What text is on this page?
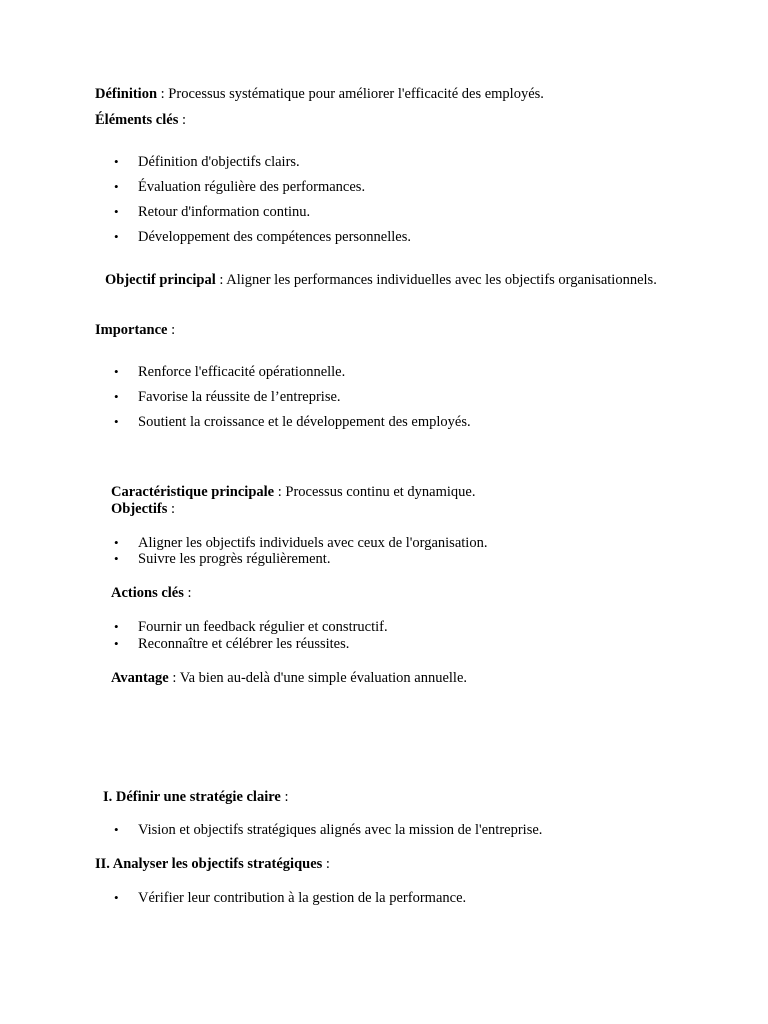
Définition : Processus systématique pour améliorer l'efficacité des employés.
Éléments clés :
• Définition d'objectifs clairs.
• Évaluation régulière des performances.
• Retour d'information continu.
• Développement des compétences personnelles.
Objectif principal : Aligner les performances individuelles avec les objectifs organisationnels.
Importance :
• Renforce l'efficacité opérationnelle.
• Favorise la réussite de l’entreprise.
• Soutient la croissance et le développement des employés.
Caractéristique principale : Processus continu et dynamique.
Objectifs :
• Aligner les objectifs individuels avec ceux de l'organisation.
• Suivre les progrès régulièrement.
Actions clés :
• Fournir un feedback régulier et constructif.
• Reconnaître et célébrer les réussites.
Avantage : Va bien au-delà d'une simple évaluation annuelle.
I. Définir une stratégie claire :
• Vision et objectifs stratégiques alignés avec la mission de l'entreprise.
II. Analyser les objectifs stratégiques :
• Vérifier leur contribution à la gestion de la performance.
